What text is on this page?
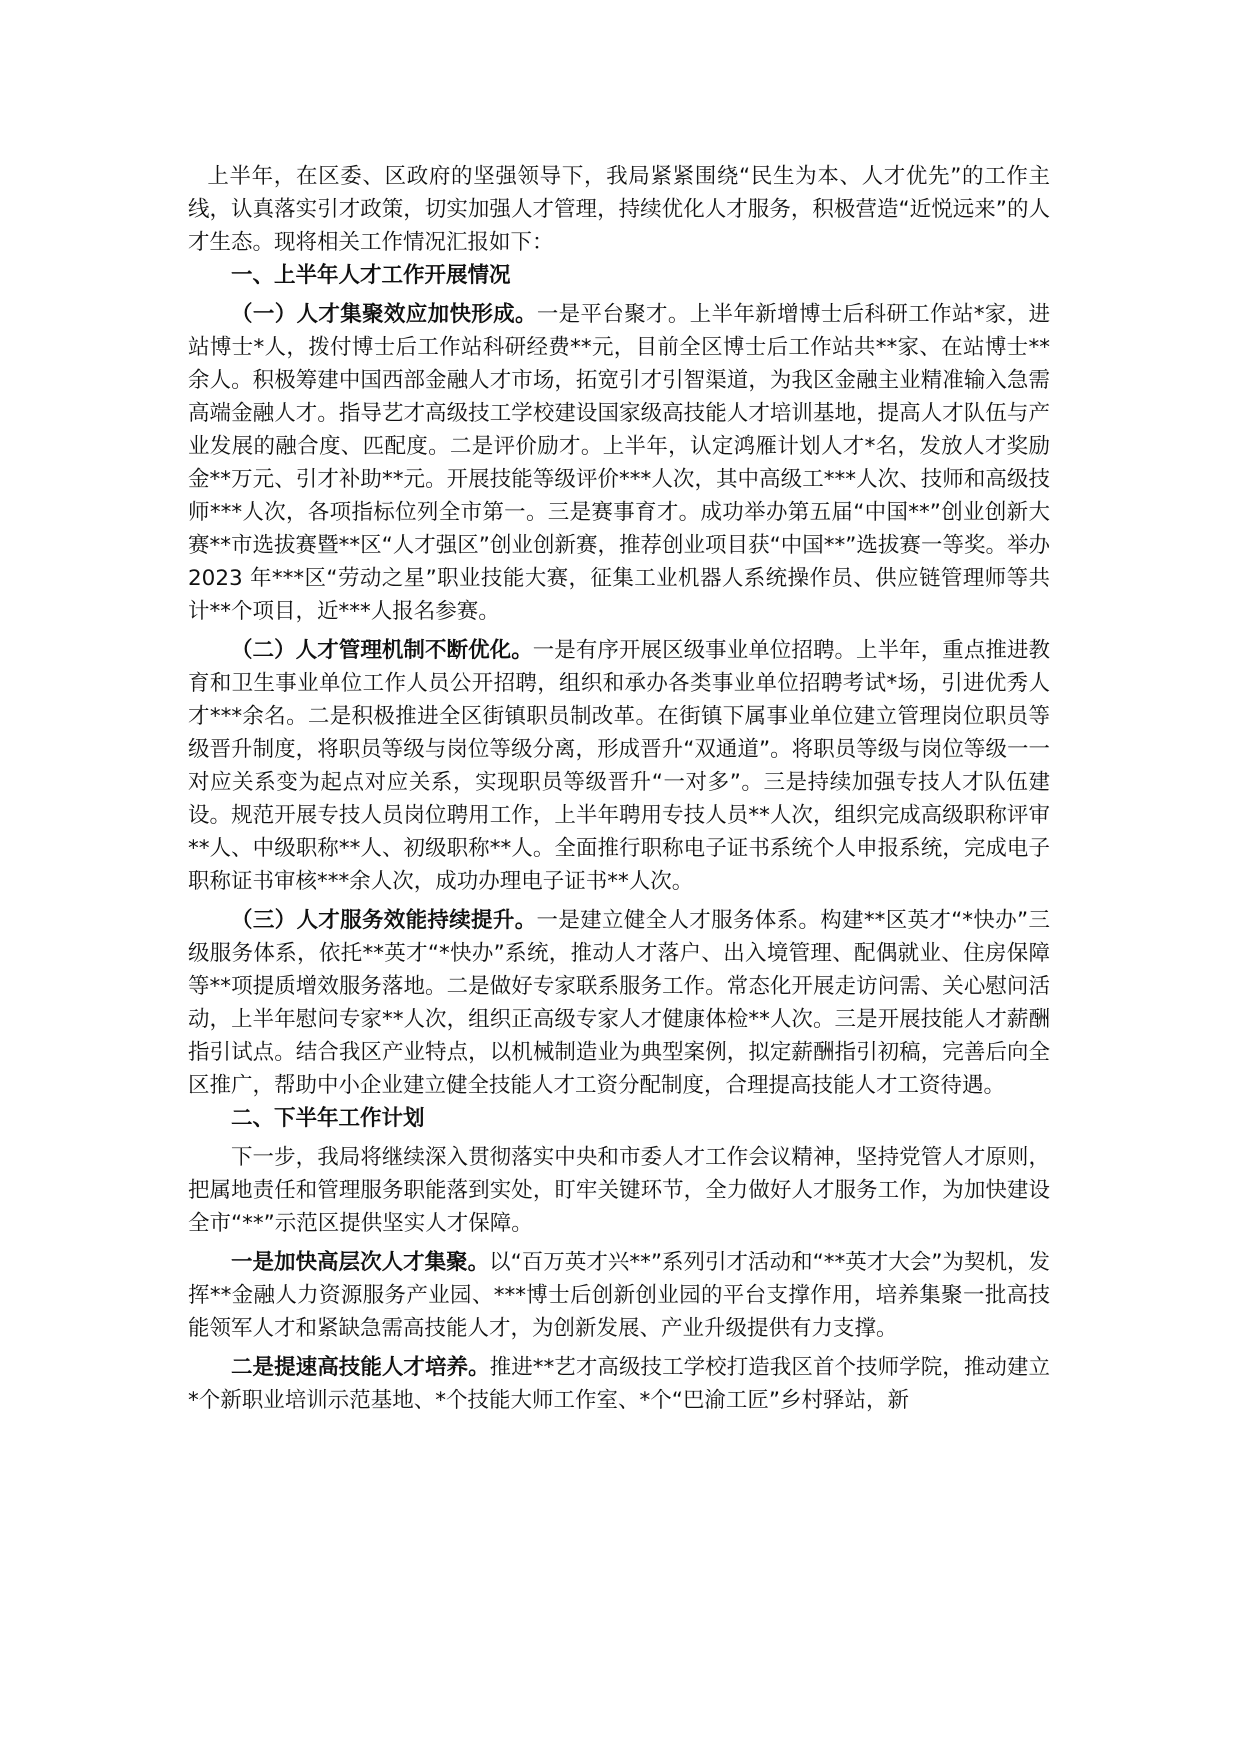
上半年，在区委、区政府的坚强领导下，我局紧紧围绕“民生为本、人才优先”的工作主线，认真落实引才政策，切实加强人才管理，持续优化人才服务，积极营造“近悦远来”的人才生态。现将相关工作情况汇报如下：

一、上半年人才工作开展情况

（一）人才集聚效应加快形成。一是平台聚才。上半年新增博士后科研工作站*家，进站博士*人，拨付博士后工作站科研经费**元，目前全区博士后工作站共**家、在站博士**余人。积极筹建中国西部金融人才市场，拓宽引才引智渠道，为我区金融主业精准输入急需高端金融人才。指导艺才高级技工学校建设国家级高技能人才培训基地，提高人才队伍与产业发展的融合度、匹配度。二是评价励才。上半年，认定鸿雁计划人才*名，发放人才奖励金**万元、引才补助**元。开展技能等级评价***人次，其中高级工***人次、技师和高级技师***人次，各项指标位列全市第一。三是赛事育才。成功举办第五届“中国**”创业创新大赛**市选拔赛暨**区“人才强区”创业创新赛，推荐创业项目获“中国**”选拔赛一等奖。举办 2023 年***区“劳动之星”职业技能大赛，征集工业机器人系统操作员、供应链管理师等共计**个项目，近***人报名参赛。

（二）人才管理机制不断优化。一是有序开展区级事业单位招聘。上半年，重点推进教育和卫生事业单位工作人员公开招聘，组织和承办各类事业单位招聘考试*场，引进优秀人才***余名。二是积极推进全区街镇职员制改革。在街镇下属事业单位建立管理岗位职员等级晋升制度，将职员等级与岗位等级分离，形成晋升“双通道”。将职员等级与岗位等级一一对应关系变为起点对应关系，实现职员等级晋升“一对多”。三是持续加强专技人才队伍建设。规范开展专技人员岗位聘用工作，上半年聘用专技人员**人次，组织完成高级职称评审**人、中级职称**人、初级职称**人。全面推行职称电子证书系统个人申报系统，完成电子职称证书审核***余人次，成功办理电子证书**人次。

（三）人才服务效能持续提升。一是建立健全人才服务体系。构建**区英才“*快办”三级服务体系，依托**英才“*快办”系统，推动人才落户、出入境管理、配偶就业、住房保障等**项提质增效服务落地。二是做好专家联系服务工作。常态化开展走访问需、关心慰问活动，上半年慰问专家**人次，组织正高级专家人才健康体检**人次。三是开展技能人才薪酬指引试点。结合我区产业特点，以机械制造业为典型案例，拟定薪酬指引初稿，完善后向全区推广，帮助中小企业建立健全技能人才工资分配制度，合理提高技能人才工资待遇。

二、下半年工作计划

下一步，我局将继续深入贯彻落实中央和市委人才工作会议精神，坚持党管人才原则，把属地责任和管理服务职能落到实处，盯牢关键环节，全力做好人才服务工作，为加快建设全市“**”示范区提供坚实人才保障。

一是加快高层次人才集聚。以“百万英才兴**”系列引才活动和“**英才大会”为契机，发挥**金融人力资源服务产业园、***博士后创新创业园的平台支撑作用，培养集聚一批高技能领军人才和紧缺急需高技能人才，为创新发展、产业升级提供有力支撑。

二是提速高技能人才培养。推进**艺才高级技工学校打造我区首个技师学院，推动建立*个新职业培训示范基地、*个技能大师工作室、*个“巴渝工匠”乡村驿站，新
